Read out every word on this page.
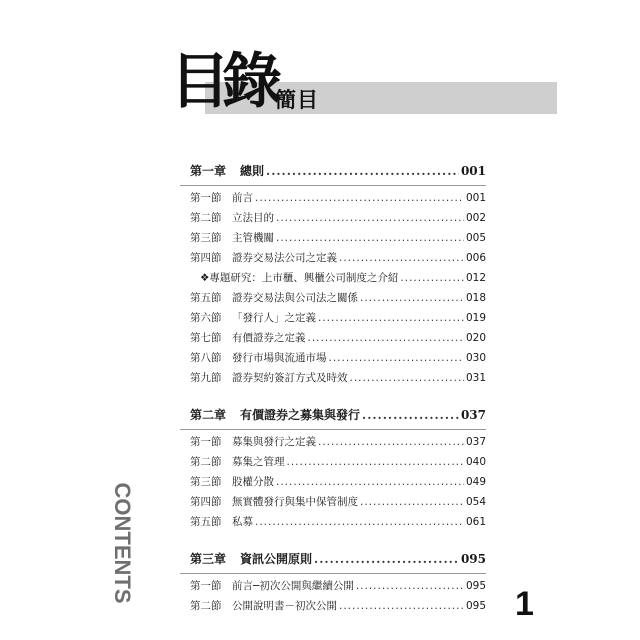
目錄 簡目
第一章 總則 .....	001
第一節 前言 .....	001
第二節 立法目的 .....	002
第三節 主管機關 .....	005
第四節 證券交易法公司之定義 .....	006
❖專題研究：上市櫃、興櫃公司制度之介紹 .....	012
第五節 證券交易法與公司法之關係 .....	018
第六節 「發行人」之定義 .....	019
第七節 有價證券之定義 .....	020
第八節 發行市場與流通市場 .....	030
第九節 證券契約簽訂方式及時效 .....	031
第二章 有價證券之募集與發行 .....	037
第一節 募集與發行之定義 .....	037
第二節 募集之管理 .....	040
第三節 股權分散 .....	049
第四節 無實體發行與集中保管制度 .....	054
第五節 私募 .....	061
第三章 資訊公開原則 .....	095
第一節 前言─初次公開與繼續公開 .....	095
第二節 公開說明書－初次公開 .....	095
CONTENTS
1
